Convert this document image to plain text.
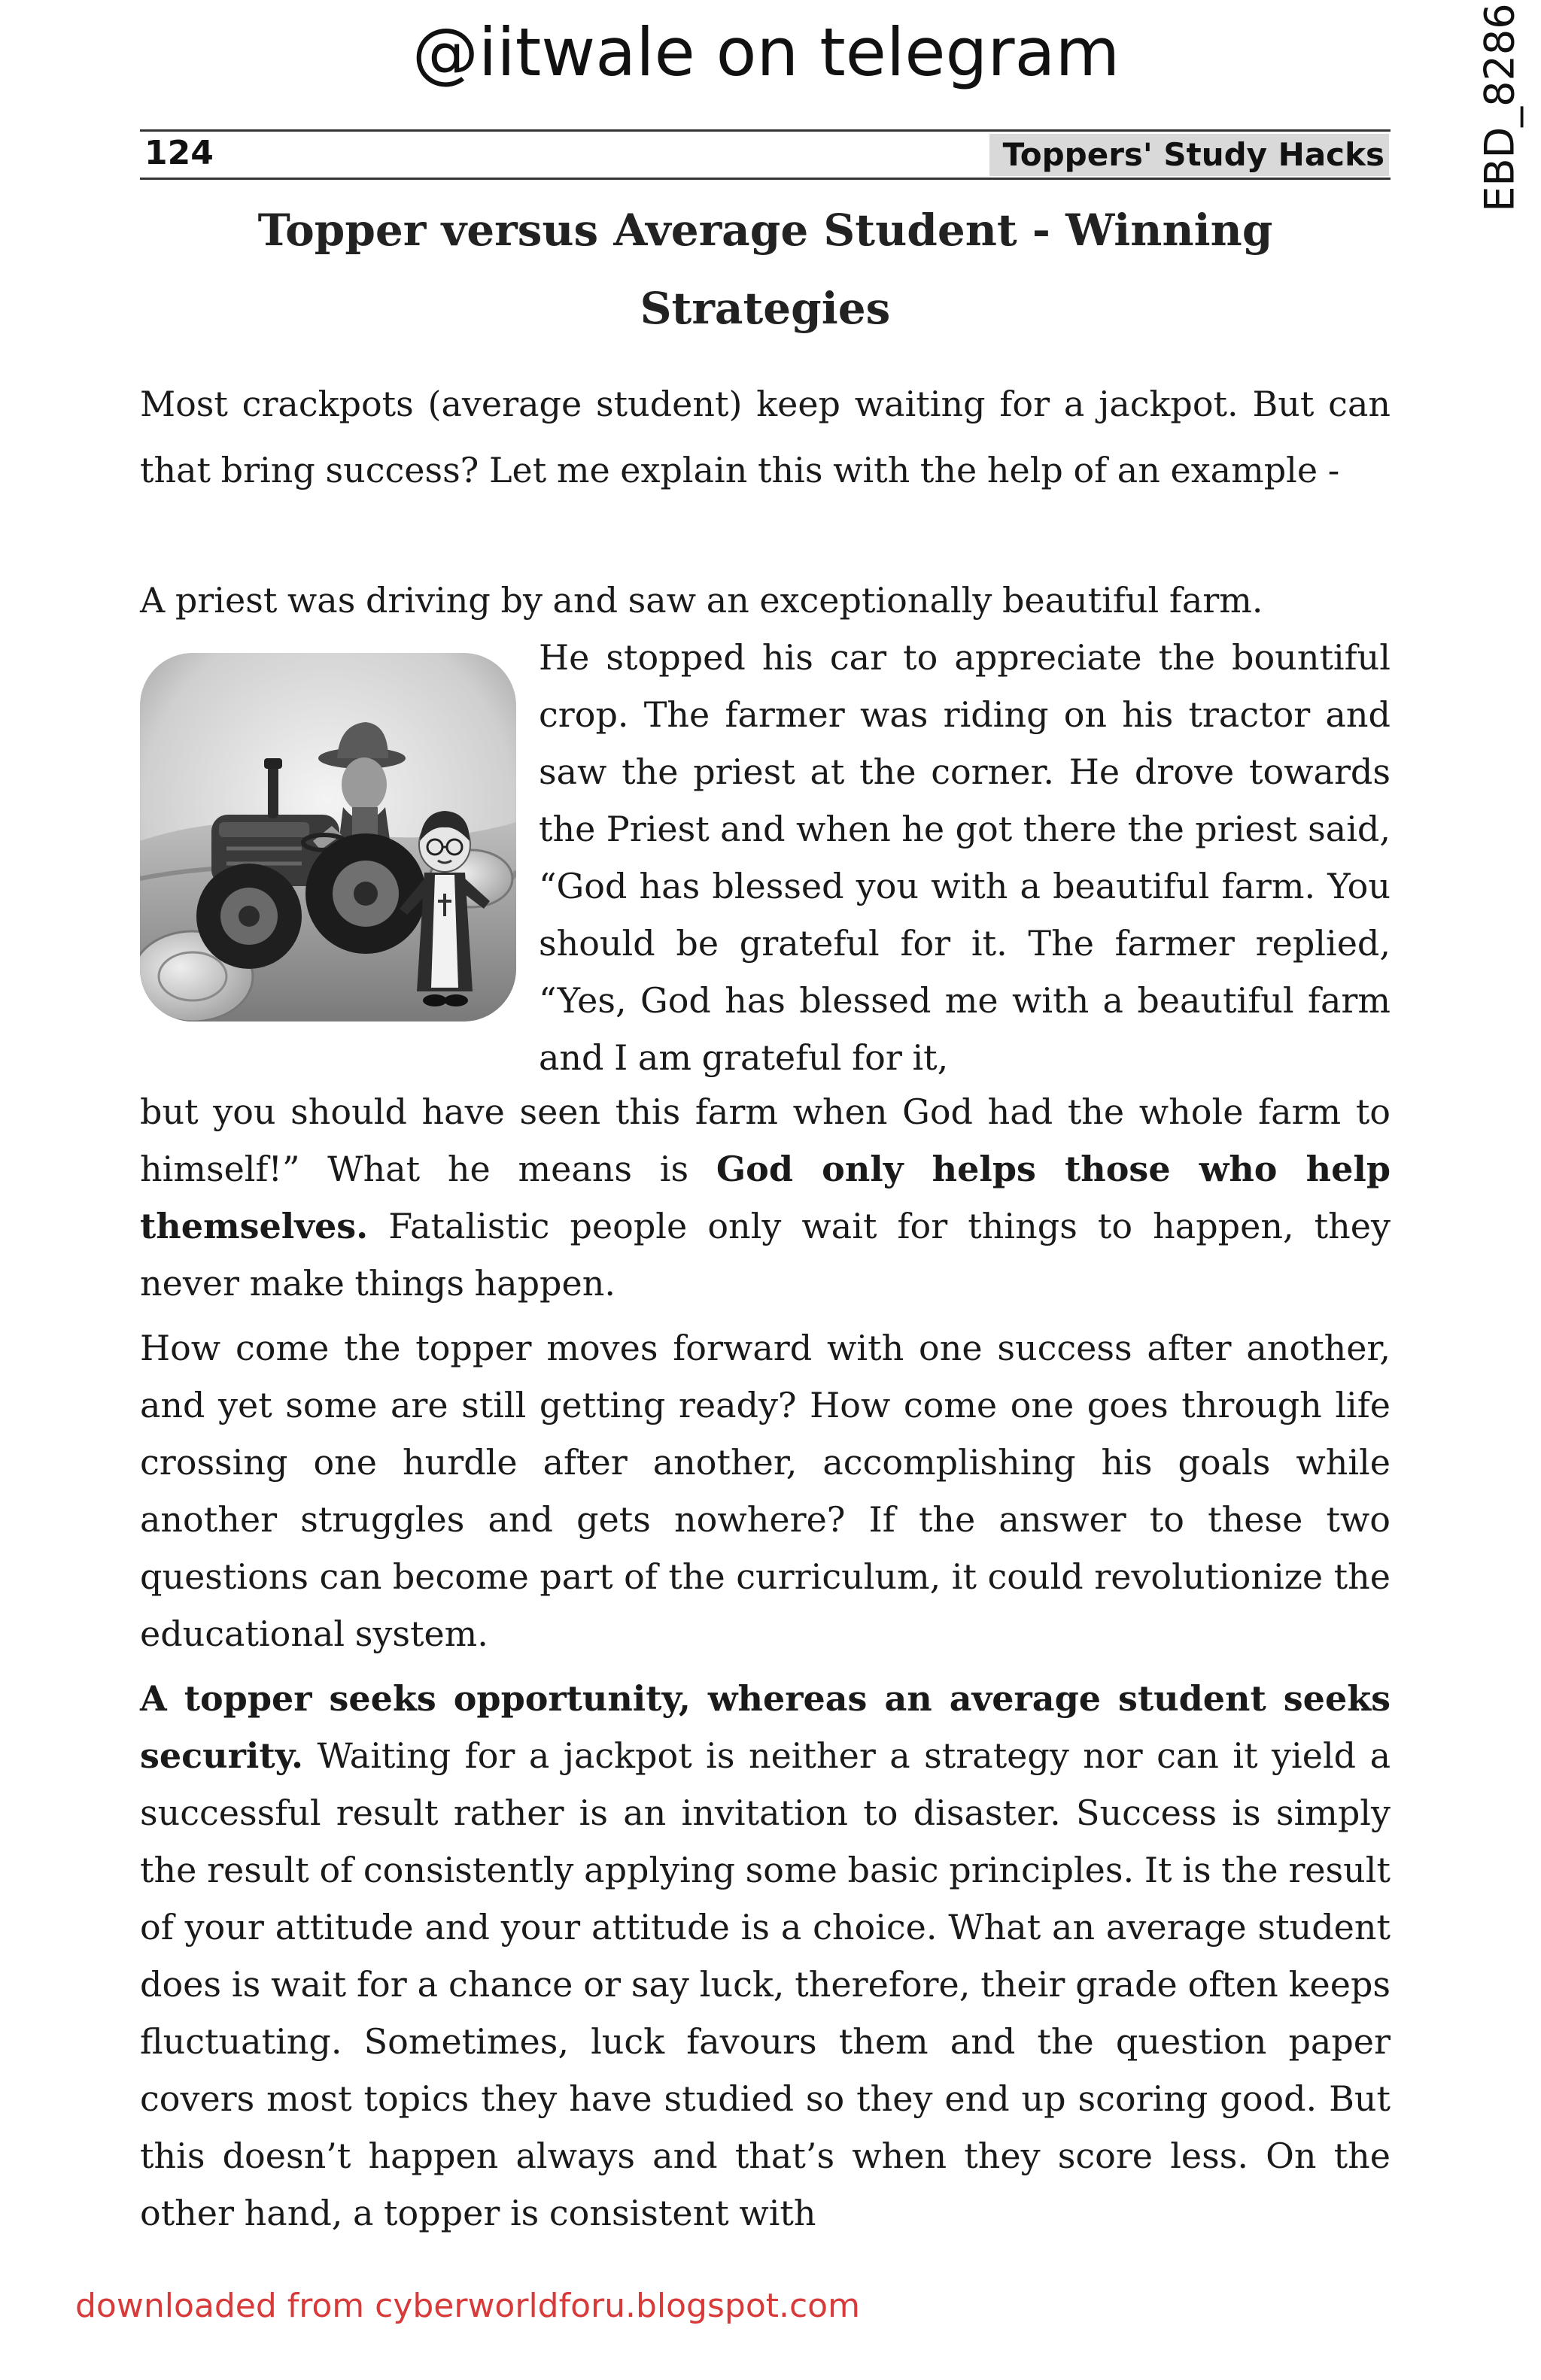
@iitwale on telegram	EBD_8286
124	Toppers' Study Hacks
Topper versus Average Student - Winning Strategies

Most crackpots (average student) keep waiting for a jackpot. But can that bring success? Let me explain this with the help of an example -

A priest was driving by and saw an exceptionally beautiful farm.

He stopped his car to appreciate the bountiful crop. The farmer was riding on his tractor and saw the priest at the corner. He drove towards the Priest and when he got there the priest said, “God has blessed you with a beautiful farm. You should be grateful for it. The farmer replied, “Yes, God has blessed me with a beautiful farm and I am grateful for it,

but you should have seen this farm when God had the whole farm to himself!” What he means is God only helps those who help themselves. Fatalistic people only wait for things to happen, they never make things happen.

How come the topper moves forward with one success after another, and yet some are still getting ready? How come one goes through life crossing one hurdle after another, accomplishing his goals while another struggles and gets nowhere? If the answer to these two questions can become part of the curriculum, it could revolutionize the educational system.

A topper seeks opportunity, whereas an average student seeks security. Waiting for a jackpot is neither a strategy nor can it yield a successful result rather is an invitation to disaster. Success is simply the result of consistently applying some basic principles. It is the result of your attitude and your attitude is a choice. What an average student does is wait for a chance or say luck, therefore, their grade often keeps fluctuating. Sometimes, luck favours them and the question paper covers most topics they have studied so they end up scoring good. But this doesn’t happen always and that’s when they score less. On the other hand, a topper is consistent with

downloaded from cyberworldforu.blogspot.com
